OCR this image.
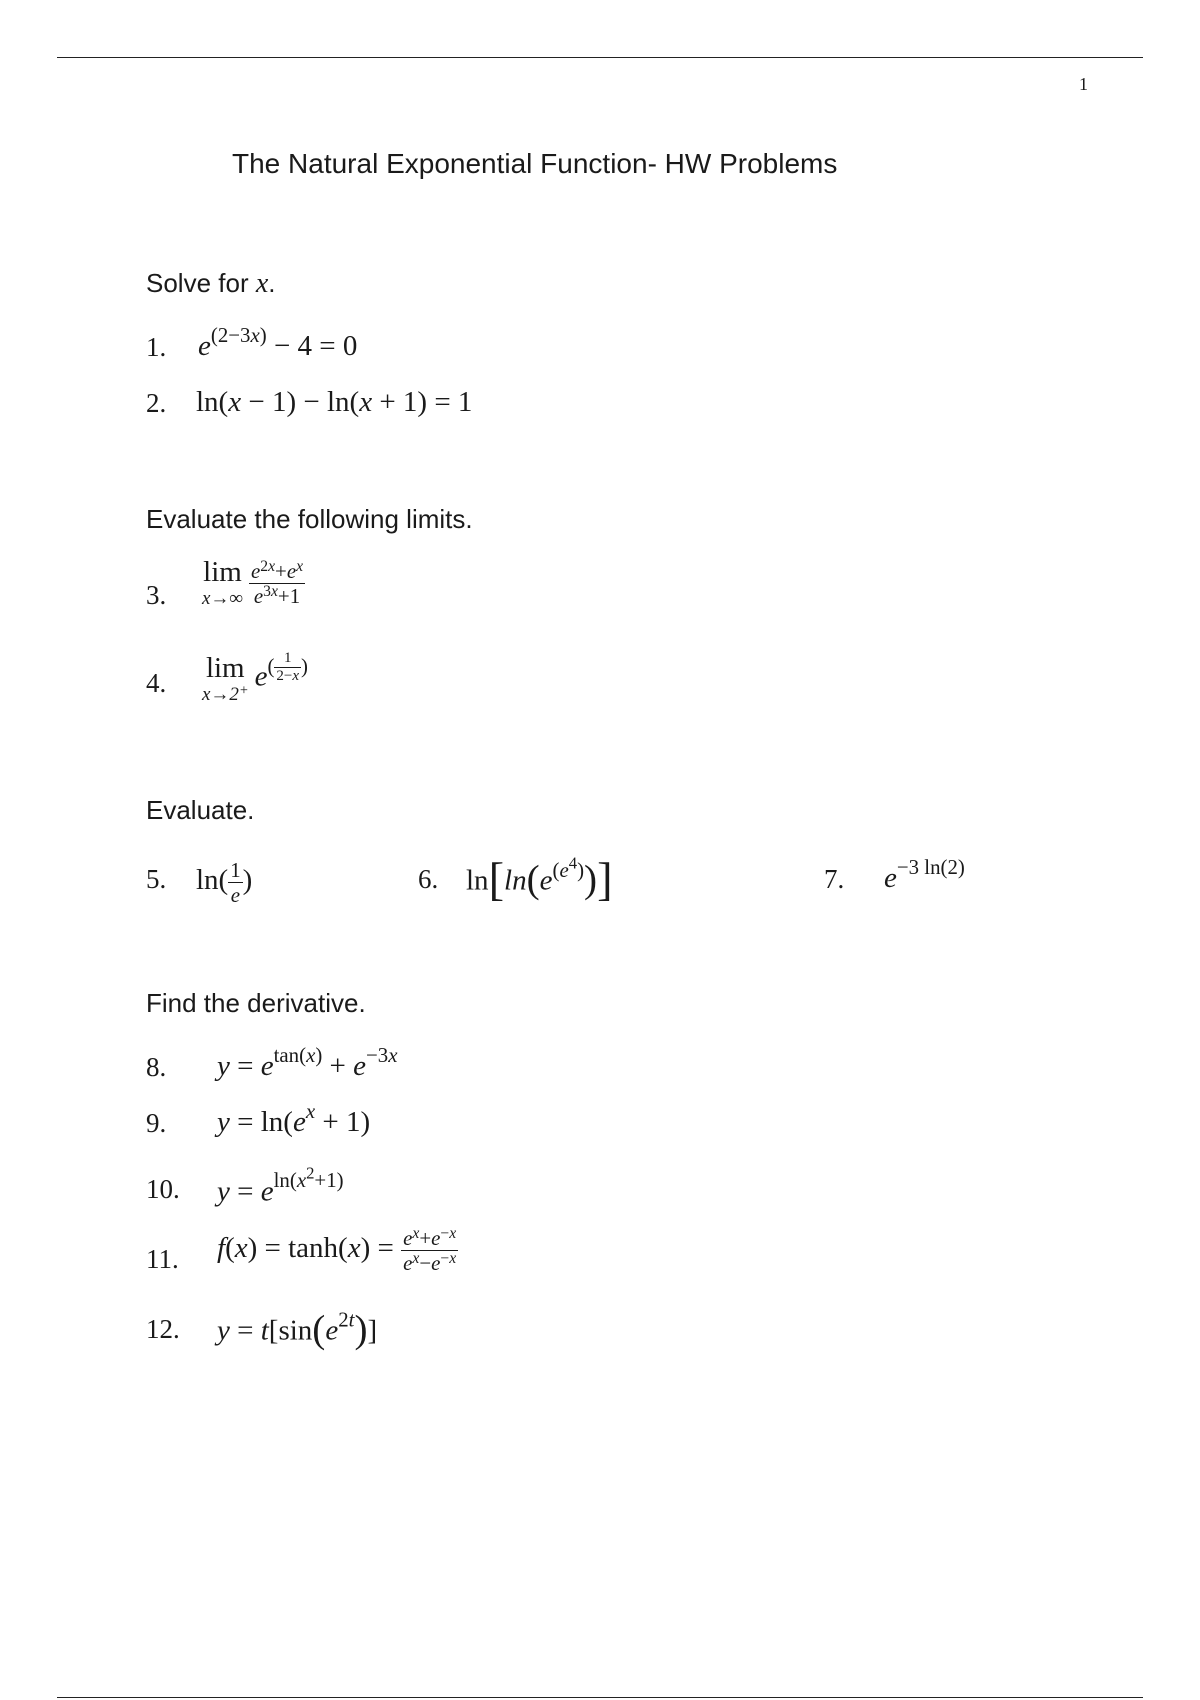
1
The Natural Exponential Function- HW Problems
Solve for x.
1. $e^{(2-3x)} - 4 = 0$
2. ln(x − 1) − ln(x + 1) = 1
Evaluate the following limits.
3.
lim
$x\to\infty \frac{e^{2x}+e^x}{e^{3x}+1}$
4. lim
x→2+ $e^{( \frac{1}{2-x} )}$
Evaluate.
5. $\ln( \frac{1}{e}$ )	6. $\ln[\ln(e^{(e^4)})]$	7. $e^{-3 ln(2)}$
Find the derivative.
8. $y = e^{tan(x)} + e^{-3x}$
9. $y = \ln(e^x + 1)$
10. $y = e^{ln(x^2+1)}$
11. $f(x) = \tanh(x) = \frac{e^x+e^{-x}}{e^x-e^{-x}}$
12. $y = t[\sin(e^{2t})]$
